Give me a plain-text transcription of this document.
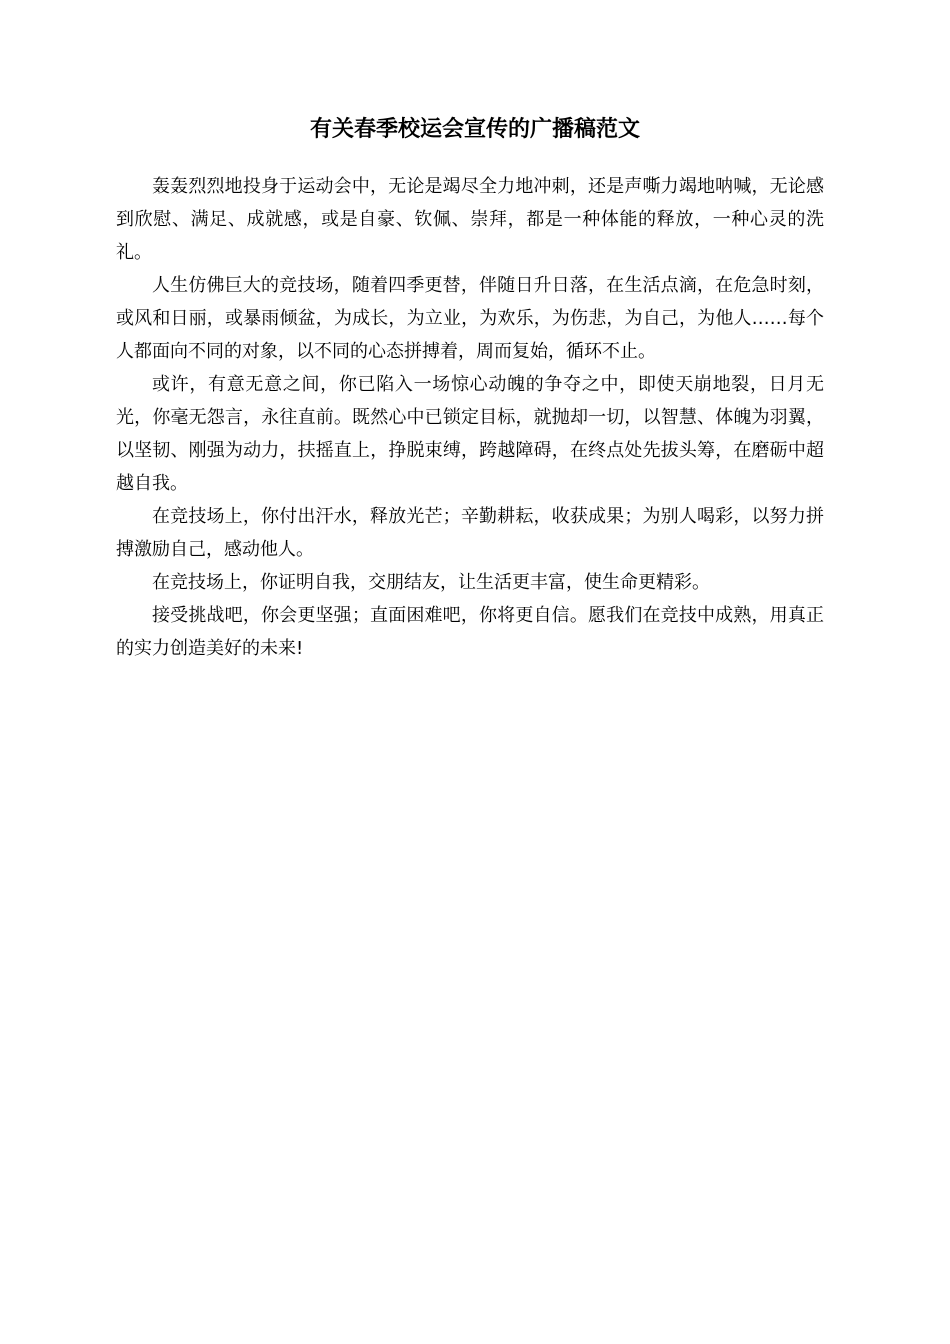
有关春季校运会宣传的广播稿范文

轰轰烈烈地投身于运动会中，无论是竭尽全力地冲刺，还是声嘶力竭地呐喊，无论感到欣慰、满足、成就感，或是自豪、钦佩、崇拜，都是一种体能的释放，一种心灵的洗礼。

人生仿佛巨大的竞技场，随着四季更替，伴随日升日落，在生活点滴，在危急时刻，或风和日丽，或暴雨倾盆，为成长，为立业，为欢乐，为伤悲，为自己，为他人……每个人都面向不同的对象，以不同的心态拼搏着，周而复始，循环不止。

或许，有意无意之间，你已陷入一场惊心动魄的争夺之中，即使天崩地裂，日月无光，你毫无怨言，永往直前。既然心中已锁定目标，就抛却一切，以智慧、体魄为羽翼，以坚韧、刚强为动力，扶摇直上，挣脱束缚，跨越障碍，在终点处先拔头筹，在磨砺中超越自我。

在竞技场上，你付出汗水，释放光芒；辛勤耕耘，收获成果；为别人喝彩，以努力拼搏激励自己，感动他人。

在竞技场上，你证明自我，交朋结友，让生活更丰富，使生命更精彩。

接受挑战吧，你会更坚强；直面困难吧，你将更自信。愿我们在竞技中成熟，用真正的实力创造美好的未来!
